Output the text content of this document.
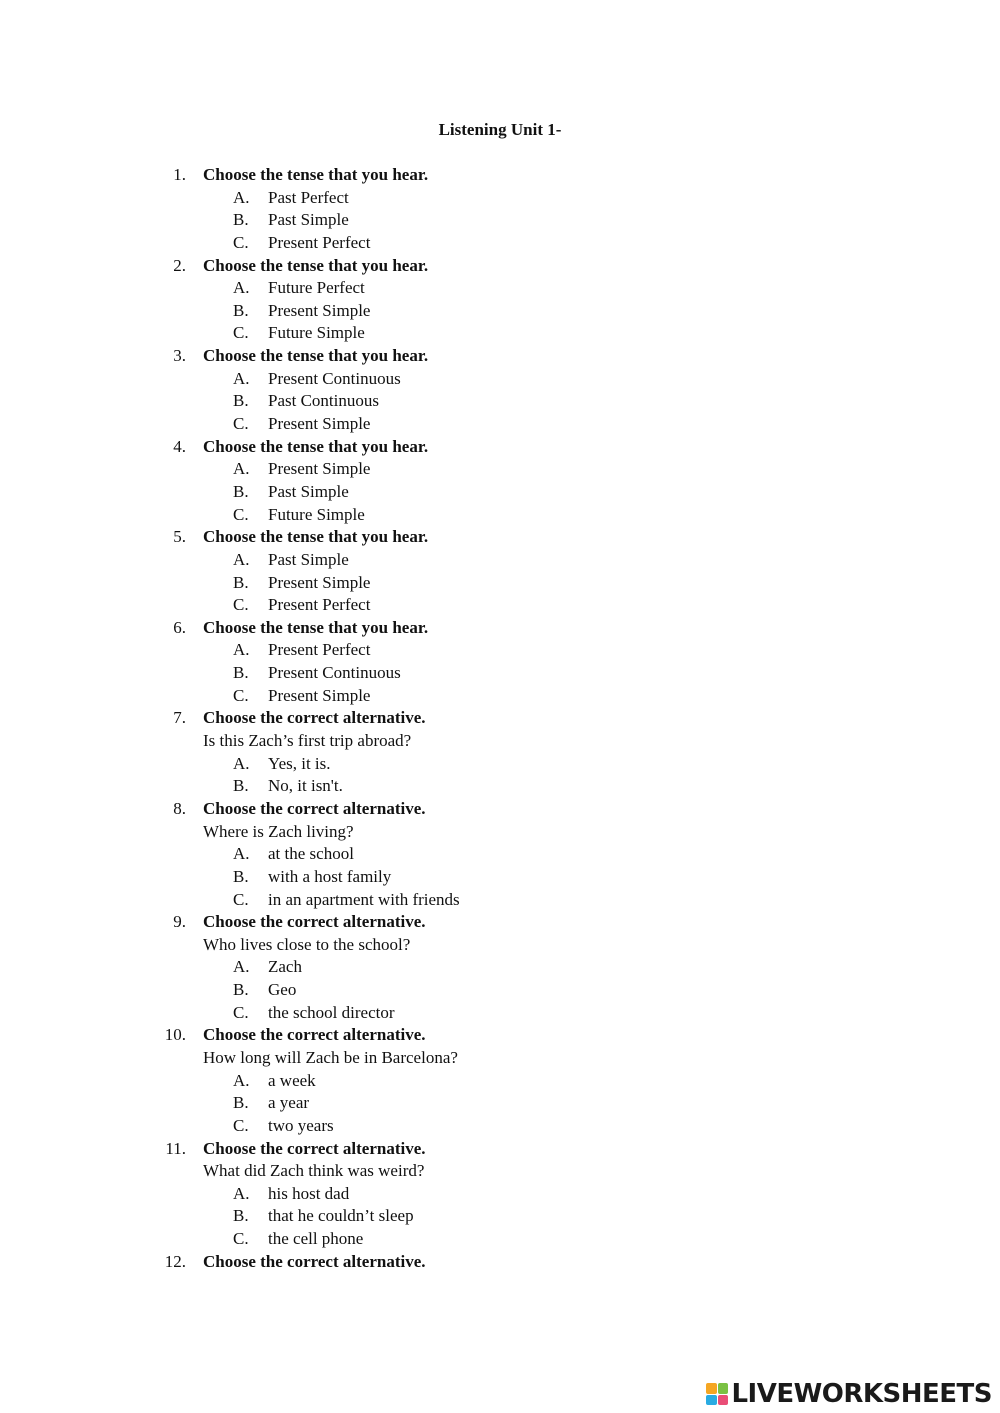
Listening Unit 1-
1. Choose the tense that you hear.
A. Past Perfect
B. Past Simple
C. Present Perfect
2. Choose the tense that you hear.
A. Future Perfect
B. Present Simple
C. Future Simple
3. Choose the tense that you hear.
A. Present Continuous
B. Past Continuous
C. Present Simple
4. Choose the tense that you hear.
A. Present Simple
B. Past Simple
C. Future Simple
5. Choose the tense that you hear.
A. Past Simple
B. Present Simple
C. Present Perfect
6. Choose the tense that you hear.
A. Present Perfect
B. Present Continuous
C. Present Simple
7. Choose the correct alternative.
Is this Zach’s first trip abroad?
A. Yes, it is.
B. No, it isn't.
8. Choose the correct alternative.
Where is Zach living?
A. at the school
B. with a host family
C. in an apartment with friends
9. Choose the correct alternative.
Who lives close to the school?
A. Zach
B. Geo
C. the school director
10. Choose the correct alternative.
How long will Zach be in Barcelona?
A. a week
B. a year
C. two years
11. Choose the correct alternative.
What did Zach think was weird?
A. his host dad
B. that he couldn’t sleep
C. the cell phone
12. Choose the correct alternative.
LIVEWORKSHEETS
